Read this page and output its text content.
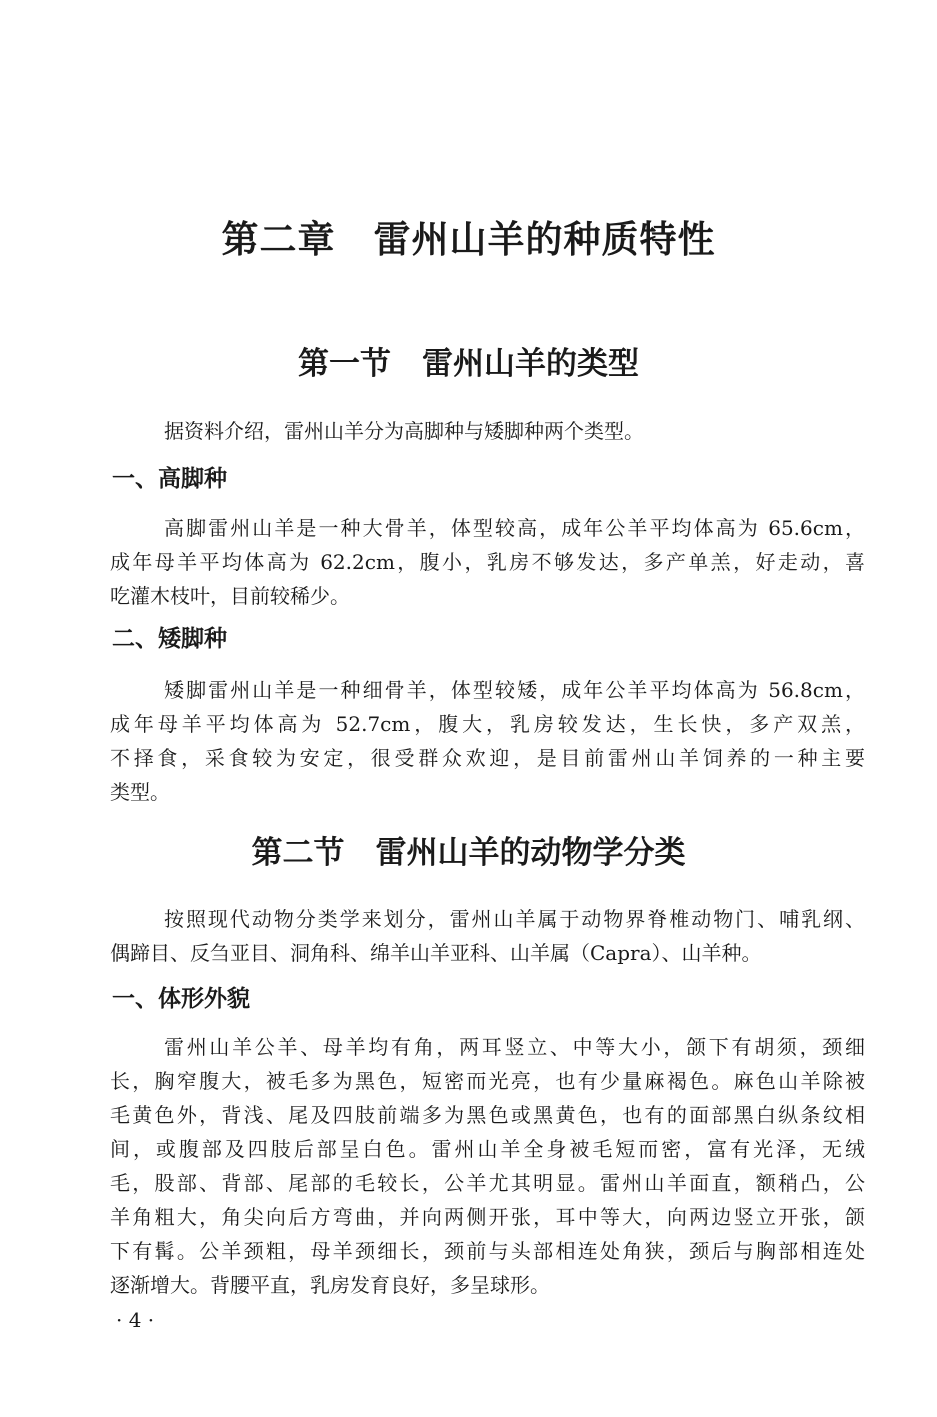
第二章　雷州山羊的种质特性
第一节　雷州山羊的类型

据资料介绍，雷州山羊分为高脚种与矮脚种两个类型。

一、高脚种

高脚雷州山羊是一种大骨羊，体型较高，成年公羊平均体高为 65.6cm，
成年母羊平均体高为 62.2cm，腹小，乳房不够发达，多产单羔，好走动，喜
吃灌木枝叶，目前较稀少。

二、矮脚种

矮脚雷州山羊是一种细骨羊，体型较矮，成年公羊平均体高为 56.8cm，
成年母羊平均体高为 52.7cm，腹大，乳房较发达，生长快，多产双羔，
不择食，采食较为安定，很受群众欢迎，是目前雷州山羊饲养的一种主要
类型。

第二节　雷州山羊的动物学分类

按照现代动物分类学来划分，雷州山羊属于动物界脊椎动物门、哺乳纲、
偶蹄目、反刍亚目、洞角科、绵羊山羊亚科、山羊属（Capra）、山羊种。

一、体形外貌

雷州山羊公羊、母羊均有角，两耳竖立、中等大小，颌下有胡须，颈细
长，胸窄腹大，被毛多为黑色，短密而光亮，也有少量麻褐色。麻色山羊除被
毛黄色外，背浅、尾及四肢前端多为黑色或黑黄色，也有的面部黑白纵条纹相
间，或腹部及四肢后部呈白色。雷州山羊全身被毛短而密，富有光泽，无绒
毛，股部、背部、尾部的毛较长，公羊尤其明显。雷州山羊面直，额稍凸，公
羊角粗大，角尖向后方弯曲，并向两侧开张，耳中等大，向两边竖立开张，颌
下有髯。公羊颈粗，母羊颈细长，颈前与头部相连处角狭，颈后与胸部相连处
逐渐增大。背腰平直，乳房发育良好，多呈球形。

· 4 ·
